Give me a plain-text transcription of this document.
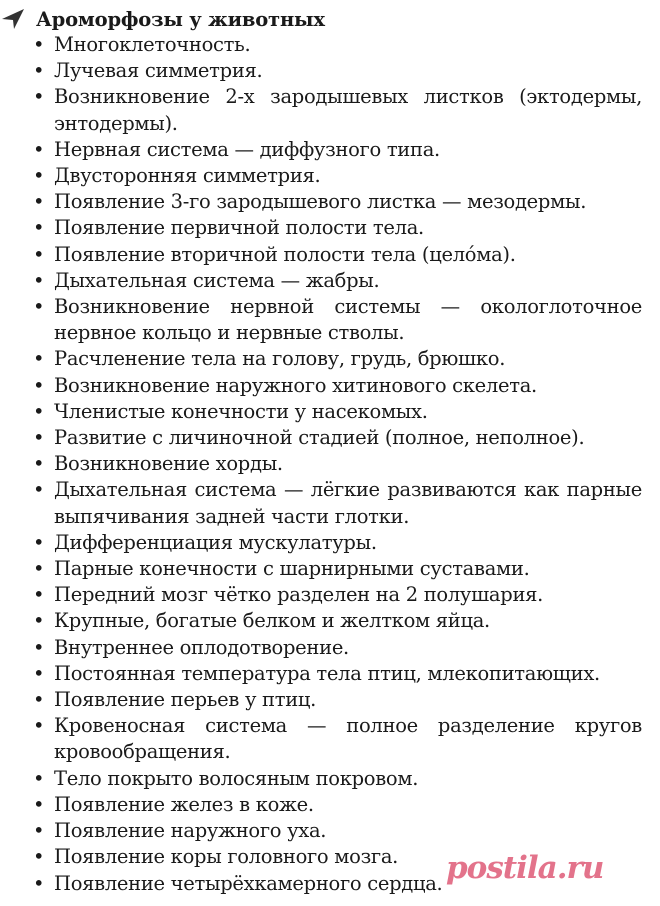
Ароморфозы у животных
• Многоклеточность.
• Лучевая симметрия.
• Возникновение 2-х зародышевых листков (эктодермы, энтодермы).
• Нервная система — диффузного типа.
• Двусторонняя симметрия.
• Появление 3-го зародышевого листка — мезодермы.
• Появление первичной полости тела.
• Появление вторичной полости тела (целóма).
• Дыхательная система — жабры.
• Возникновение нервной системы — окологлоточное нервное кольцо и нервные стволы.
• Расчленение тела на голову, грудь, брюшко.
• Возникновение наружного хитинового скелета.
• Членистые конечности у насекомых.
• Развитие с личиночной стадией (полное, неполное).
• Возникновение хорды.
• Дыхательная система — лёгкие развиваются как парные выпячивания задней части глотки.
• Дифференциация мускулатуры.
• Парные конечности с шарнирными суставами.
• Передний мозг чётко разделен на 2 полушария.
• Крупные, богатые белком и желтком яйца.
• Внутреннее оплодотворение.
• Постоянная температура тела птиц, млекопитающих.
• Появление перьев у птиц.
• Кровеносная система — полное разделение кругов кровообращения.
• Тело покрыто волосяным покровом.
• Появление желез в коже.
• Появление наружного уха.
• Появление коры головного мозга.
• Появление четырёхкамерного сердца. postila.ru
